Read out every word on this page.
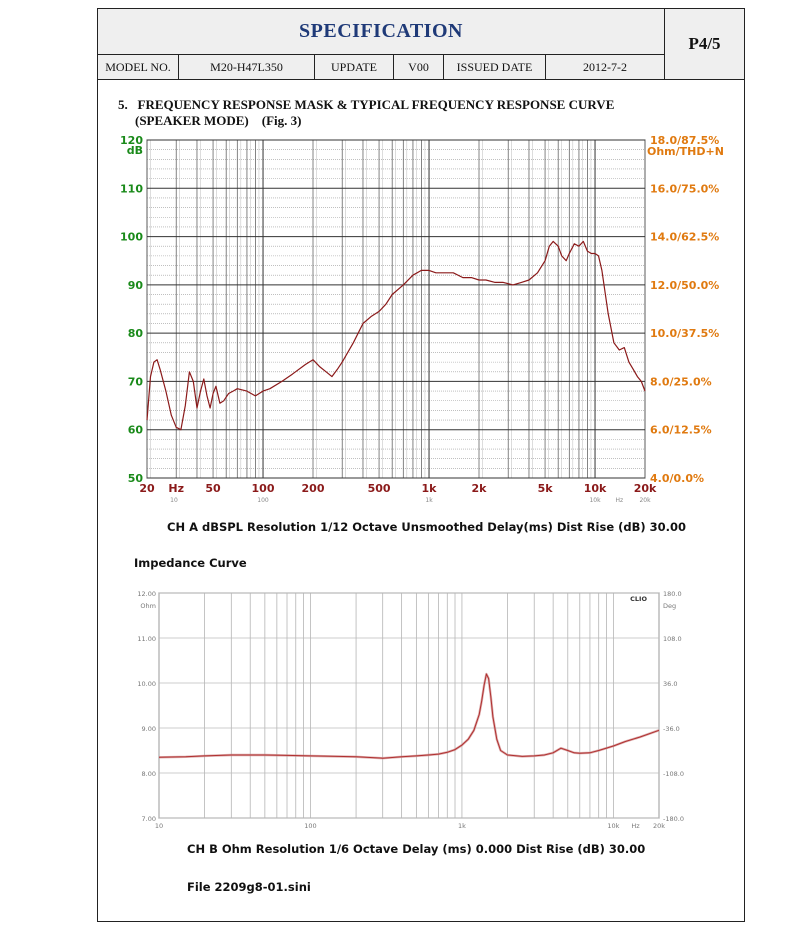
SPECIFICATION
P4/5
MODEL NO.	M20-H47L350	UPDATE	V00	ISSUED DATE	2012-7-2
5. FREQUENCY RESPONSE MASK & TYPICAL FREQUENCY RESPONSE CURVE
(SPEAKER MODE) (Fig. 3)
120
110
100
90
80
70
60
50
dB
18.0/87.5%
16.0/75.0%
14.0/62.5%
12.0/50.0%
10.0/37.5%
8.0/25.0%
6.0/12.5%
4.0/0.0%
Ohm/THD+N
20	50	100 200	500	1k	2k	5k	10k 20k
Hz
10	100	1k	10k	20k
Hz
CH A dBSPL Resolution 1/12 Octave Unsmoothed Delay(ms) Dist Rise (dB) 30.00
Impedance Curve
12.00
11.00
10.00
9.00
8.00
7.00
Ohm
180.0
108.0
36.0
-36.0
-108.0
-180.0
Deg
10	100	1k	10k	20k
Hz
CLIO
CH B Ohm Resolution 1/6 Octave Delay (ms) 0.000 Dist Rise (dB) 30.00
File 2209g8-01.sini
